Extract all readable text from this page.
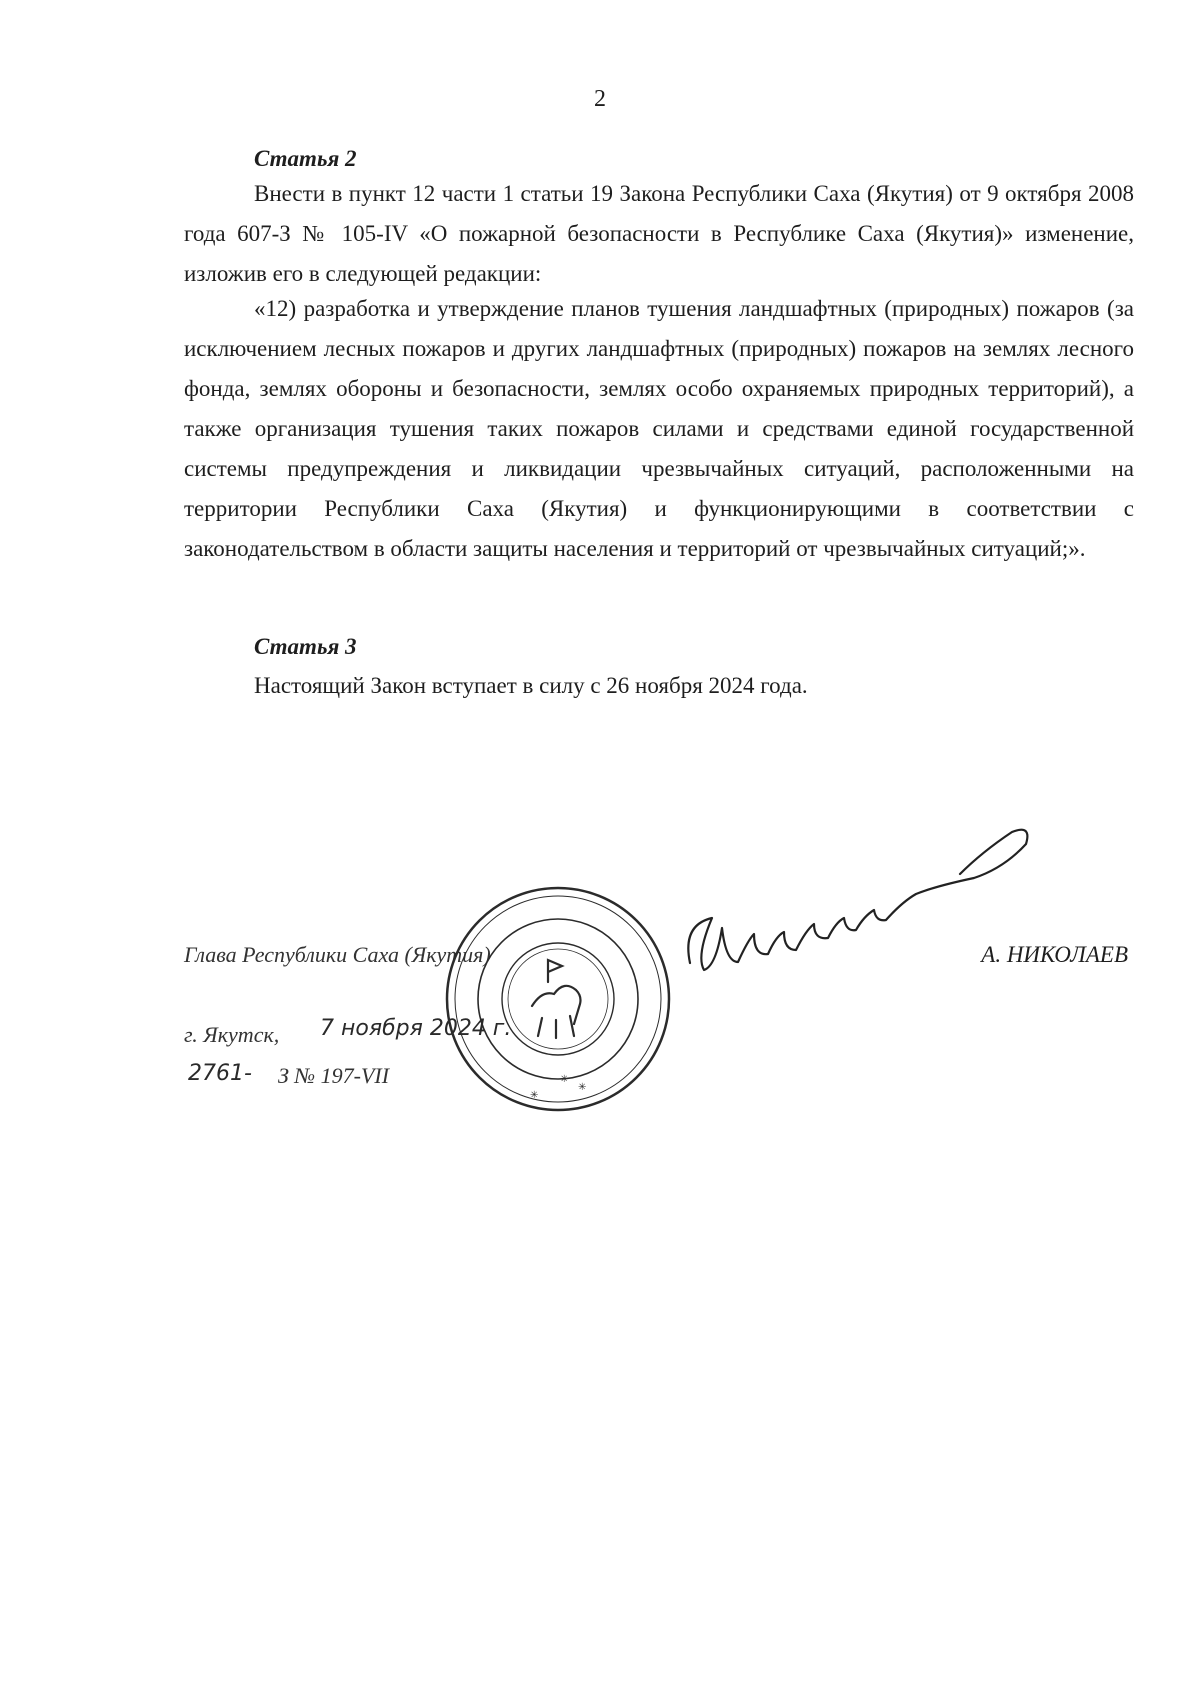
2
Статья 2

Внести в пункт 12 части 1 статьи 19 Закона Республики Саха (Якутия) от 9 октября 2008 года 607-З № 105-IV «О пожарной безопасности в Республике Саха (Якутия)» изменение, изложив его в следующей редакции:

«12) разработка и утверждение планов тушения ландшафтных (природных) пожаров (за исключением лесных пожаров и других ландшафтных (природных) пожаров на землях лесного фонда, землях обороны и безопасности, землях особо охраняемых природных территорий), а также организация тушения таких пожаров силами и средствами единой государственной системы предупреждения и ликвидации чрезвычайных ситуаций, расположенными на территории Республики Саха (Якутия) и функционирующими в соответствии с законодательством в области защиты населения и территорий от чрезвычайных ситуаций;».

Статья 3
Настоящий Закон вступает в силу с 26 ноября 2024 года.
Глава Республики Саха (Якутия)	А. НИКОЛАЕВ
г. Якутск, 7 ноября 2024 г.
2761- З № 197-VII
✳
✳
✳
